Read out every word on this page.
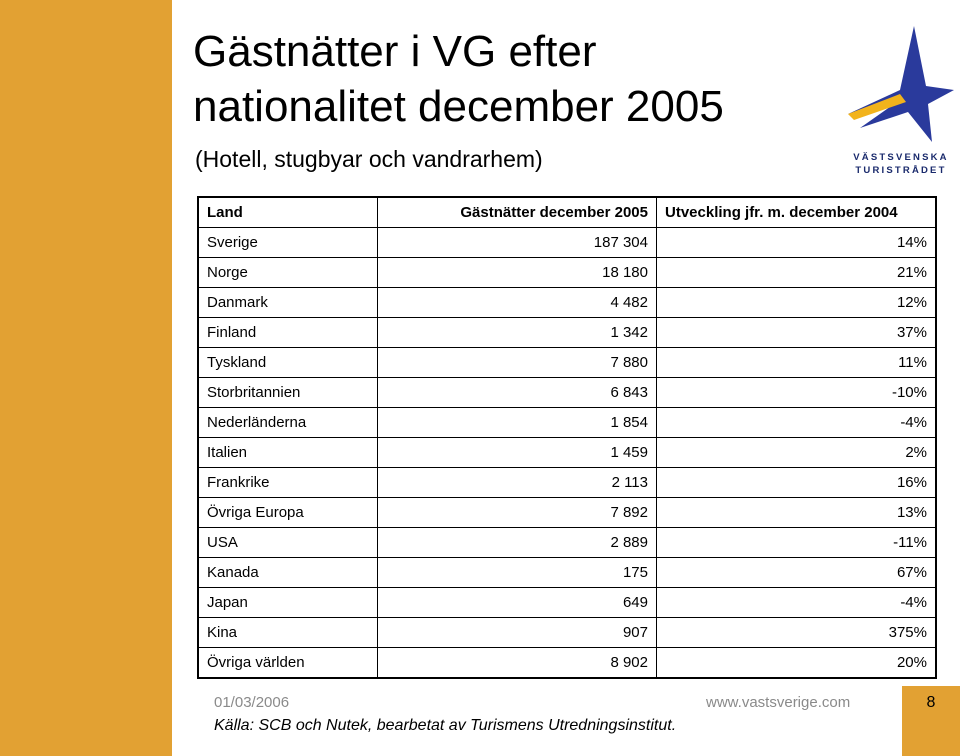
Gästnätter i VG efter
nationalitet december 2005
(Hotell, stugbyar och vandrarhem)	VÄSTSVENSKA
TURISTRÅDET
Land	Gästnätter december 2005	Utveckling jfr. m. december 2004
Sverige	187 304	14%
Norge	18 180	21%
Danmark	4 482	12%
Finland	1 342	37%
Tyskland	7 880	11%
Storbritannien	6 843	-10%
Nederländerna	1 854	-4%
Italien	1 459	2%
Frankrike	2 113	16%
Övriga Europa	7 892	13%
USA	2 889	-11%
Kanada	175	67%
Japan	649	-4%
Kina	907	375%
Övriga världen	8 902	20%
01/03/2006	www.vastsverige.com	8
Källa: SCB och Nutek, bearbetat av Turismens Utredningsinstitut.
